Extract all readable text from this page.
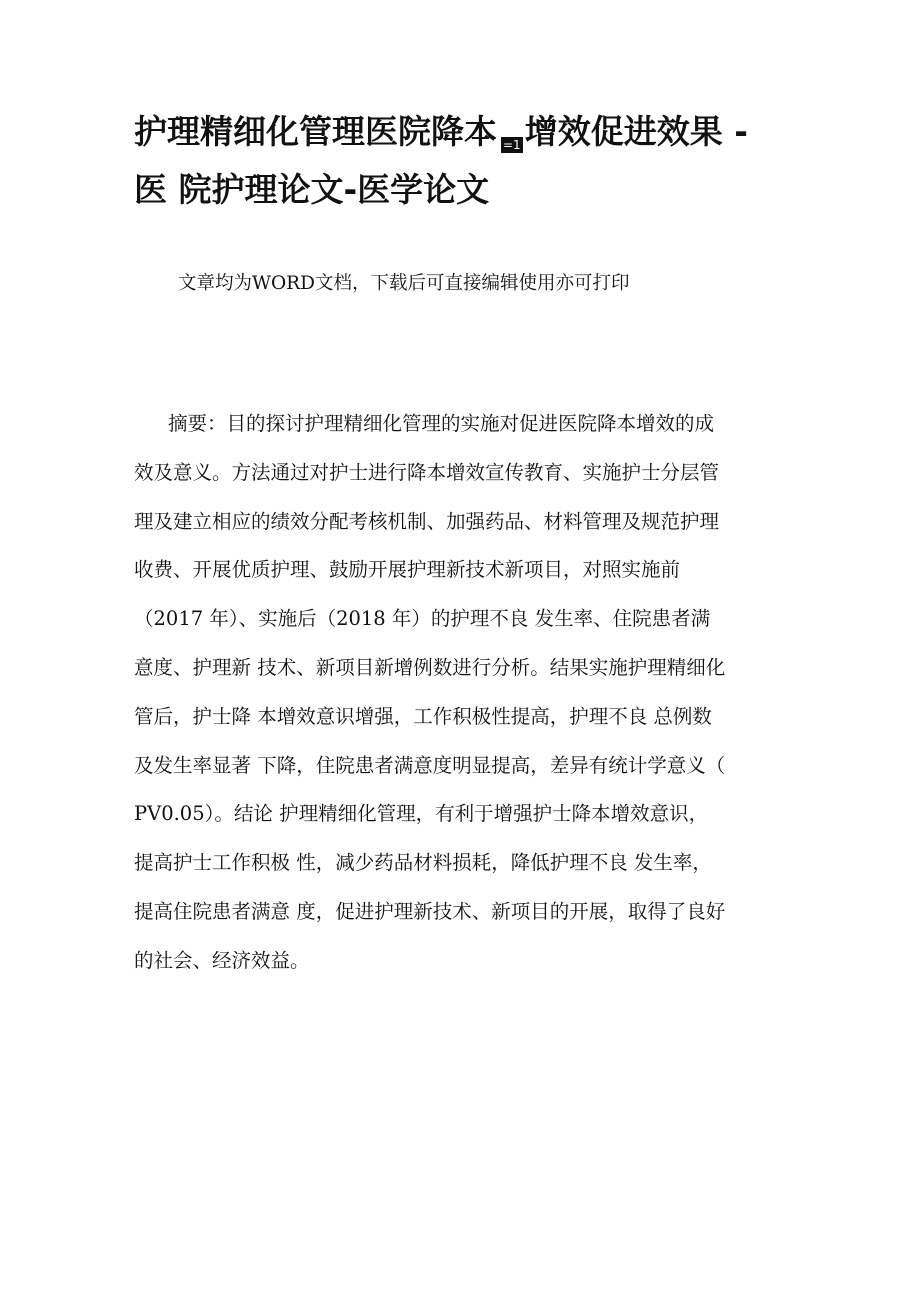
护理精细化管理医院降本 =1 增效促进效果 -
医 院护理论文-医学论文
文章均为WORD文档，下载后可直接编辑使用亦可打印
摘要：目的探讨护理精细化管理的实施对促进医院降本增效的成
效及意义。方法通过对护士进行降本增效宣传教育、实施护士分层管
理及建立相应的绩效分配考核机制、加强药品、材料管理及规范护理
收费、开展优质护理、鼓励开展护理新技术新项目，对照实施前
（2017 年）、实施后（2018 年）的护理不良 发生率、住院患者满
意度、护理新 技术、新项目新增例数进行分析。结果实施护理精细化
管后，护士降 本增效意识增强，工作积极性提高，护理不良 总例数
及发生率显著 下降，住院患者满意度明显提高，差异有统计学意义（
PV0.05）。结论 护理精细化管理，有利于增强护士降本增效意识，
提高护士工作积极 性，减少药品材料损耗，降低护理不良 发生率，
提高住院患者满意 度，促进护理新技术、新项目的开展，取得了良好
的社会、经济效益。
